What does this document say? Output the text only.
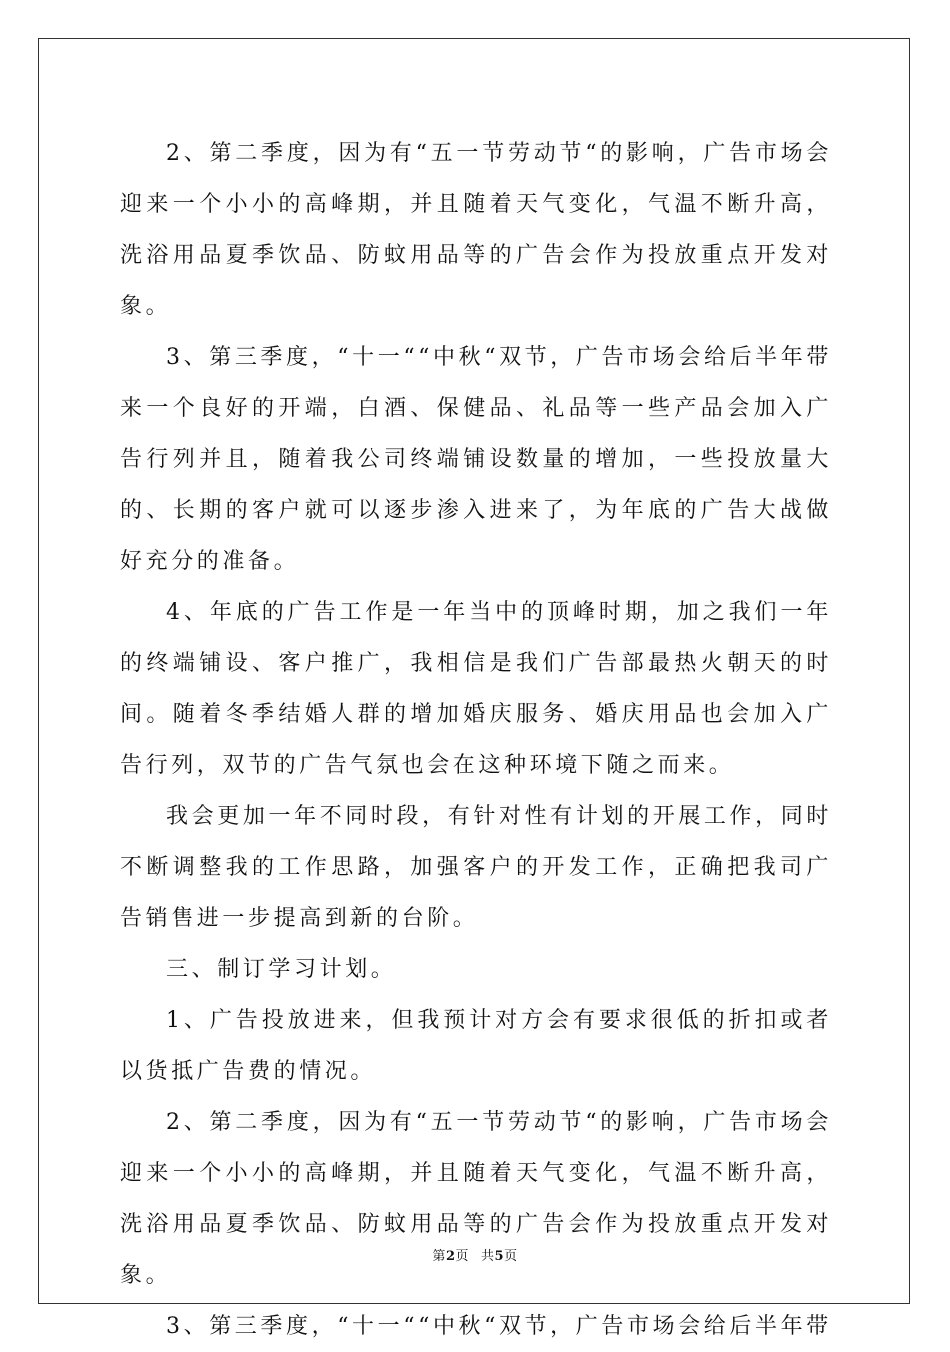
2、第二季度，因为有“五一节劳动节“的影响，广告市场会迎来一个小小的高峰期，并且随着天气变化，气温不断升高，洗浴用品夏季饮品、防蚊用品等的广告会作为投放重点开发对象。

3、第三季度，“十一““中秋“双节，广告市场会给后半年带来一个良好的开端，白酒、保健品、礼品等一些产品会加入广告行列并且，随着我公司终端铺设数量的增加，一些投放量大的、长期的客户就可以逐步渗入进来了，为年底的广告大战做好充分的准备。

4、年底的广告工作是一年当中的顶峰时期，加之我们一年的终端铺设、客户推广，我相信是我们广告部最热火朝天的时间。随着冬季结婚人群的增加婚庆服务、婚庆用品也会加入广告行列，双节的广告气氛也会在这种环境下随之而来。

我会更加一年不同时段，有针对性有计划的开展工作，同时不断调整我的工作思路，加强客户的开发工作，正确把我司广告销售进一步提高到新的台阶。

三、制订学习计划。

1、广告投放进来，但我预计对方会有要求很低的折扣或者以货抵广告费的情况。

2、第二季度，因为有“五一节劳动节“的影响，广告市场会迎来一个小小的高峰期，并且随着天气变化，气温不断升高，洗浴用品夏季饮品、防蚊用品等的广告会作为投放重点开发对象。

3、第三季度，“十一““中秋“双节，广告市场会给后半年带

第2页 共5页
